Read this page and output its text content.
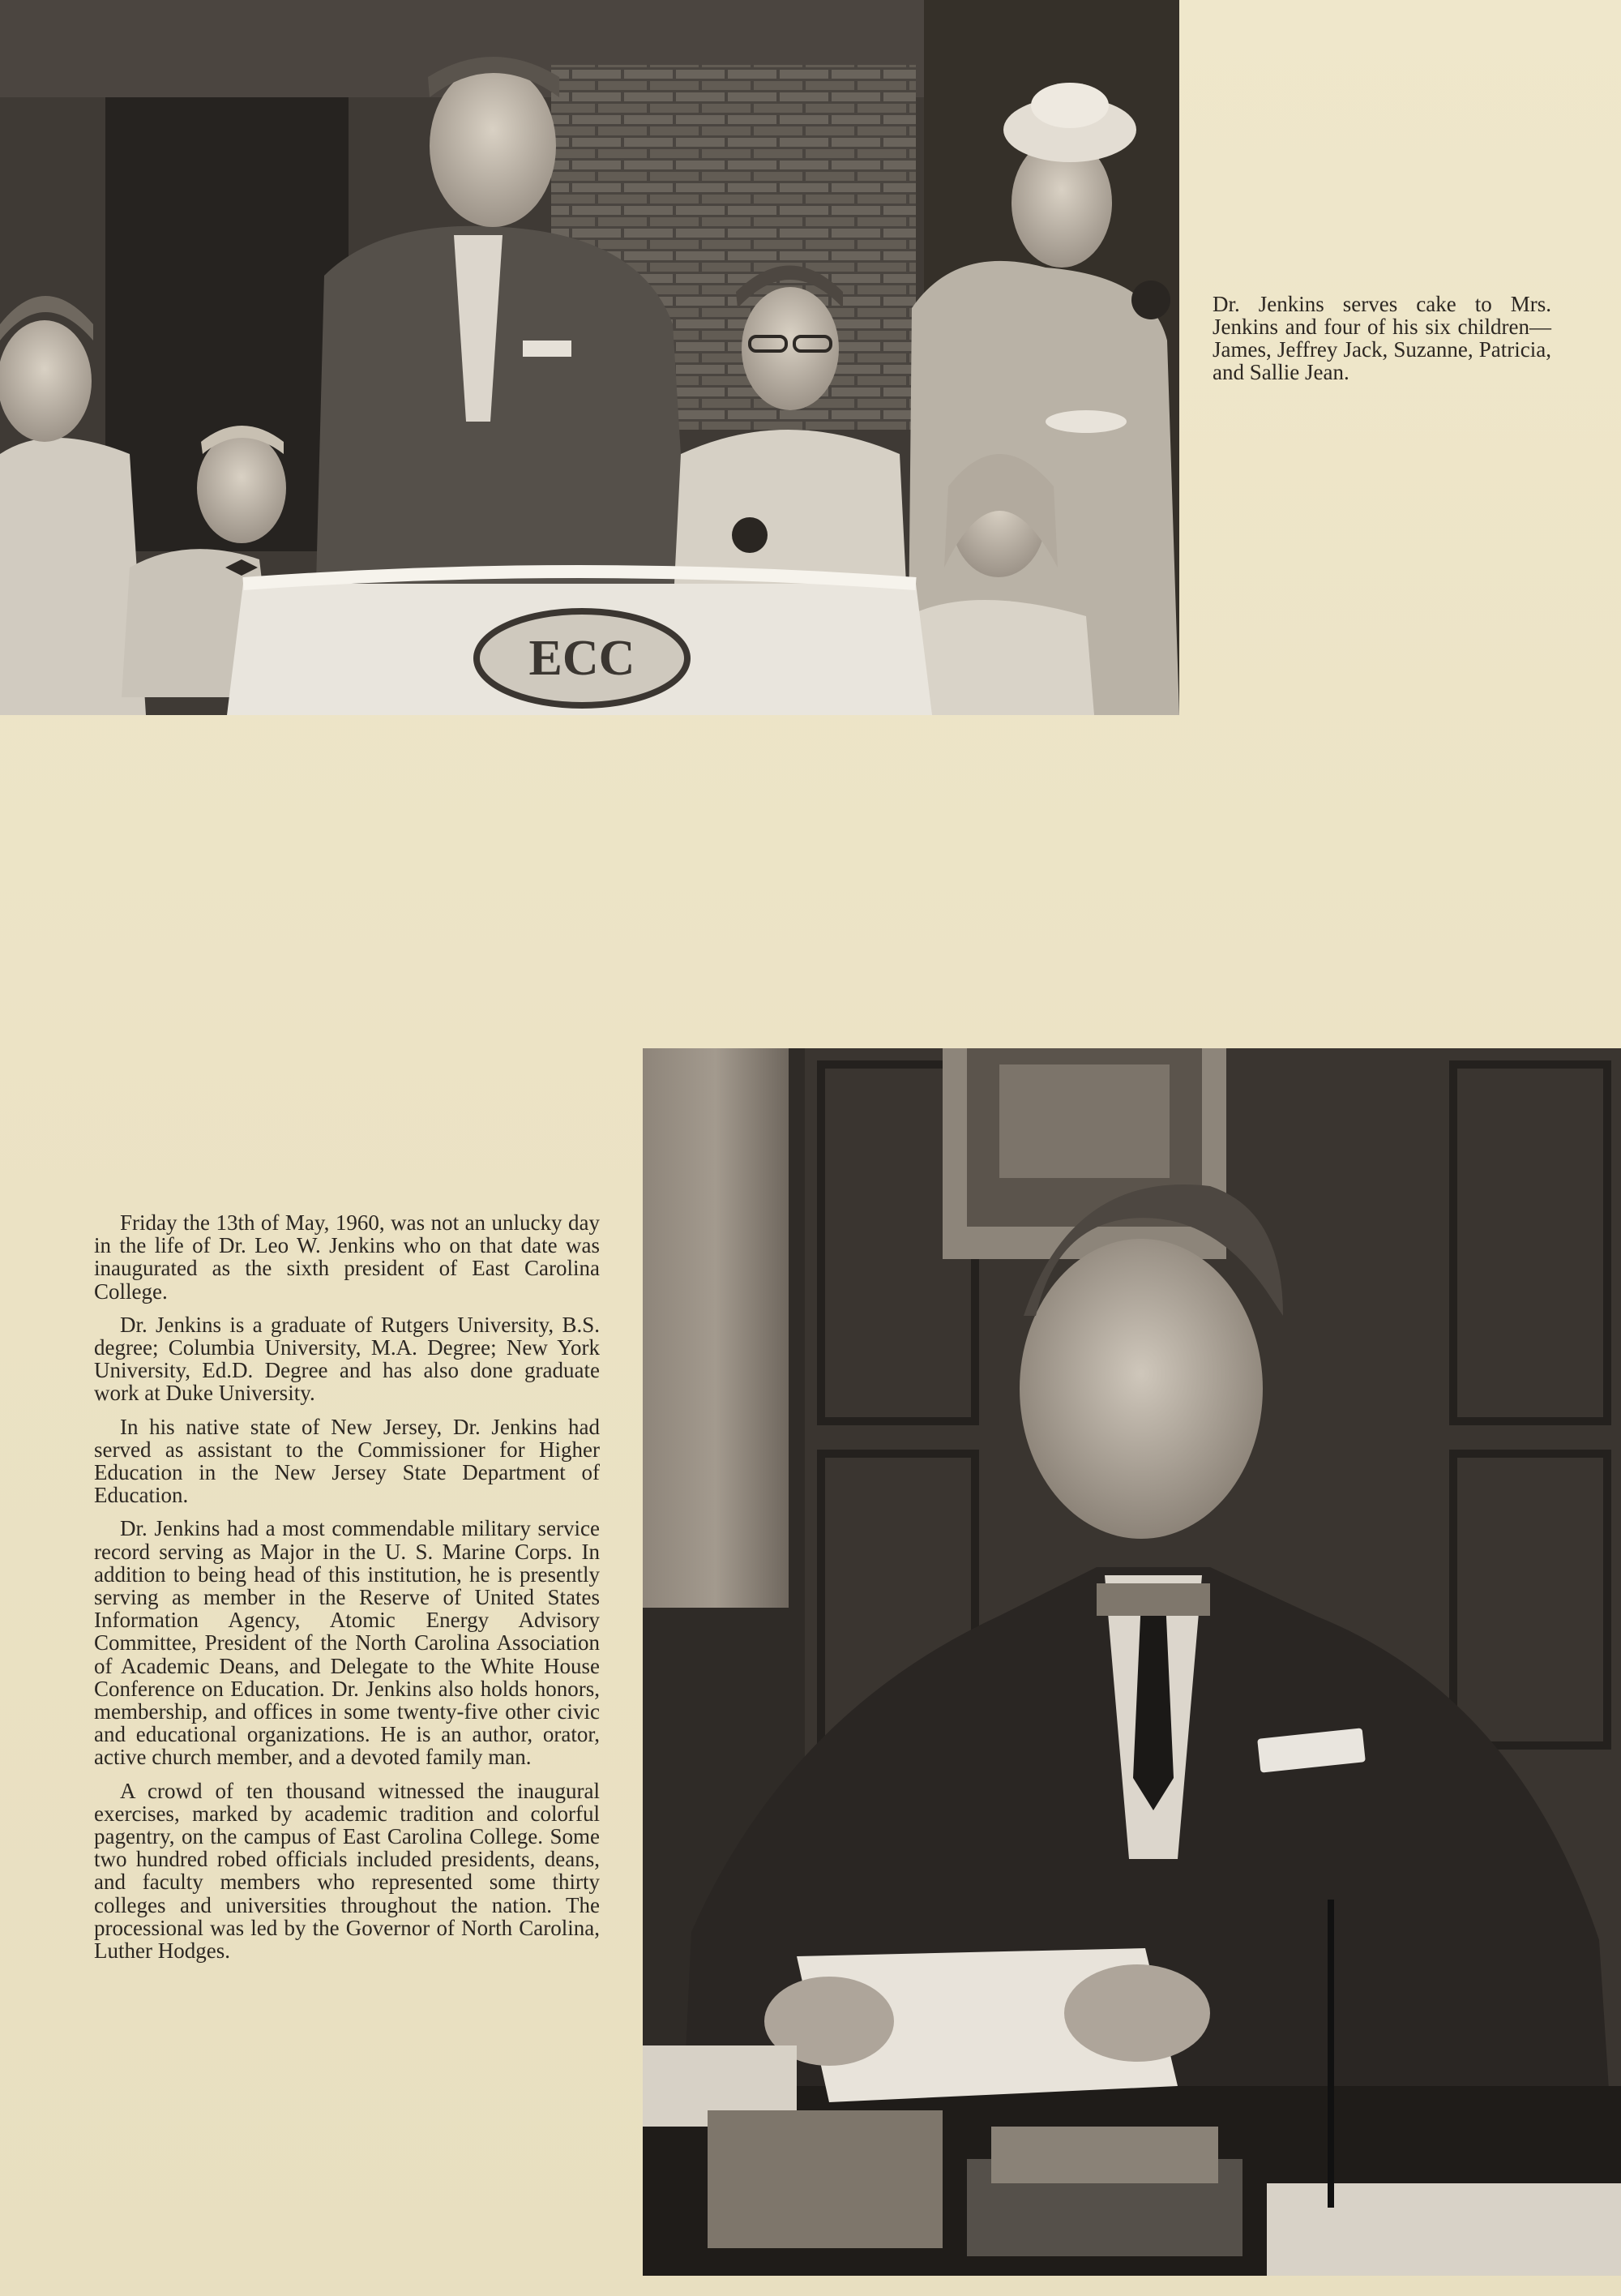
ECC

Dr. Jenkins serves cake to Mrs. Jenkins and four of his six children—James, Jeffrey Jack, Suzanne, Patricia, and Sallie Jean.

Friday the 13th of May, 1960, was not an unlucky day in the life of Dr. Leo W. Jenkins who on that date was inaugurated as the sixth president of East Carolina College.

Dr. Jenkins is a graduate of Rutgers University, B.S. degree; Columbia University, M.A. Degree; New York University, Ed.D. Degree and has also done graduate work at Duke University.

In his native state of New Jersey, Dr. Jenkins had served as assistant to the Commissioner for Higher Education in the New Jersey State Department of Education.

Dr. Jenkins had a most commendable military service record serving as Major in the U. S. Marine Corps. In addition to being head of this institution, he is presently serving as member in the Reserve of United States Information Agency, Atomic Energy Advisory Committee, President of the North Carolina Association of Academic Deans, and Delegate to the White House Conference on Education. Dr. Jenkins also holds honors, membership, and offices in some twenty-five other civic and educational organizations. He is an author, orator, active church member, and a devoted family man.

A crowd of ten thousand witnessed the inaugural exercises, marked by academic tradition and colorful pagentry, on the campus of East Carolina College. Some two hundred robed officials included presidents, deans, and faculty members who represented some thirty colleges and universities throughout the nation. The processional was led by the Governor of North Carolina, Luther Hodges.
